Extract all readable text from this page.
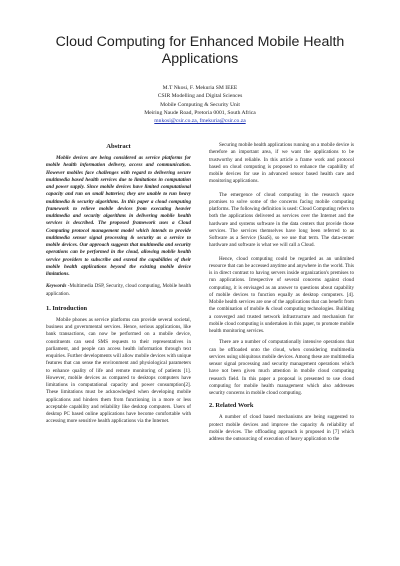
Cloud Computing for Enhanced Mobile Health Applications
M.T Nkosi, F. Mekuria SM IEEE
CSIR Modelling and Digital Sciences
Mobile Computing & Security Unit
Meiring Naude Road, Pretoria 0001, South Africa
mnkosi@csir.co.za, fmekuria@csir.co.za
Abstract

Mobile devices are being considered as service platforms for mobile health information delivery, access and communication. However mobiles face challenges with regard to delivering secure multimedia based health services due to limitations in computation and power supply. Since mobile devices have limited computational capacity and run on small batteries; they are unable to run heavy multimedia & security algorithms. In this paper a cloud computing framework to relieve mobile devices from executing heavier multimedia and security algorithms in delivering mobile health services is described. The proposed framework uses a Cloud Computing protocol management model which intends to provide multimedia sensor signal processing & security as a service to mobile devices. Our approach suggests that multimedia and security operations can be performed in the cloud, allowing mobile health service providers to subscribe and extend the capabilities of their mobile health applications beyond the existing mobile device limitations.

Keywords -Multimedia DSP, Security, cloud computing, Mobile health application.

1. Introduction

Mobile phones as service platforms can provide several societal, business and governmental services. Hence, serious applications, like bank transactions, can now be performed on a mobile device, constituents can send SMS requests to their representatives in parliament, and people can access health information through text enquiries. Further developments will allow mobile devices with unique features that can sense the environment and physiological parameters to enhance quality of life and remote monitoring of patients [1]. However, mobile devices as compared to desktops computers have limitations in computational capacity and power consumption[2]. These limitations must be acknowledged when developing mobile applications and hinders them from functioning in a more or less acceptable capability and reliability like desktop computers. Users of desktop PC based online applications have become comfortable with accessing more sensitive health applications via the Internet.

Securing mobile health applications running on a mobile device is therefore an important area, if we want the applications to be trustworthy and reliable. In this article a frame work and protocol based on cloud computing is proposed to enhance the capability of mobile devices for use in advanced sensor based health care and monitoring applications.

The emergence of cloud computing in the research space promises to solve some of the concerns facing mobile computing platforms. The following definition is used: Cloud Computing refers to both the applications delivered as services over the Internet and the hardware and systems software in the data centers that provide those services. The services themselves have long been referred to as Software as a Service (SaaS), so we use that term. The data-center hardware and software is what we will call a Cloud.

Hence, cloud computing could be regarded as an unlimited resource that can be accessed anytime and anywhere in the world. This is in direct contrast to having servers inside organization's premises to run applications. Irrespective of several concerns against cloud computing, it is envisaged as an answer to questions about capability of mobile devices to function equally as desktop computers. [4]. Mobile health services are one of the applications that can benefit from the combination of mobile & cloud computing technologies. Building a converged and trusted network infrastructure and mechanism for mobile cloud computing is undertaken in this paper, to promote mobile health monitoring services.

There are a number of computationally intensive operations that can be offloaded onto the cloud, when considering multimedia services using ubiquitous mobile devices. Among these are multimedia sensor signal processing and security management operations which have not been given much attention in mobile cloud computing research field. In this paper a proposal is presented to use cloud computing for mobile health management which also addresses security concerns in mobile cloud computing.

2. Related Work

A number of cloud based mechanisms are being suggested to protect mobile devices and improve the capacity & reliability of mobile devices. The offloading approach is proposed in [7] which address the outsourcing of execution of heavy application to the
